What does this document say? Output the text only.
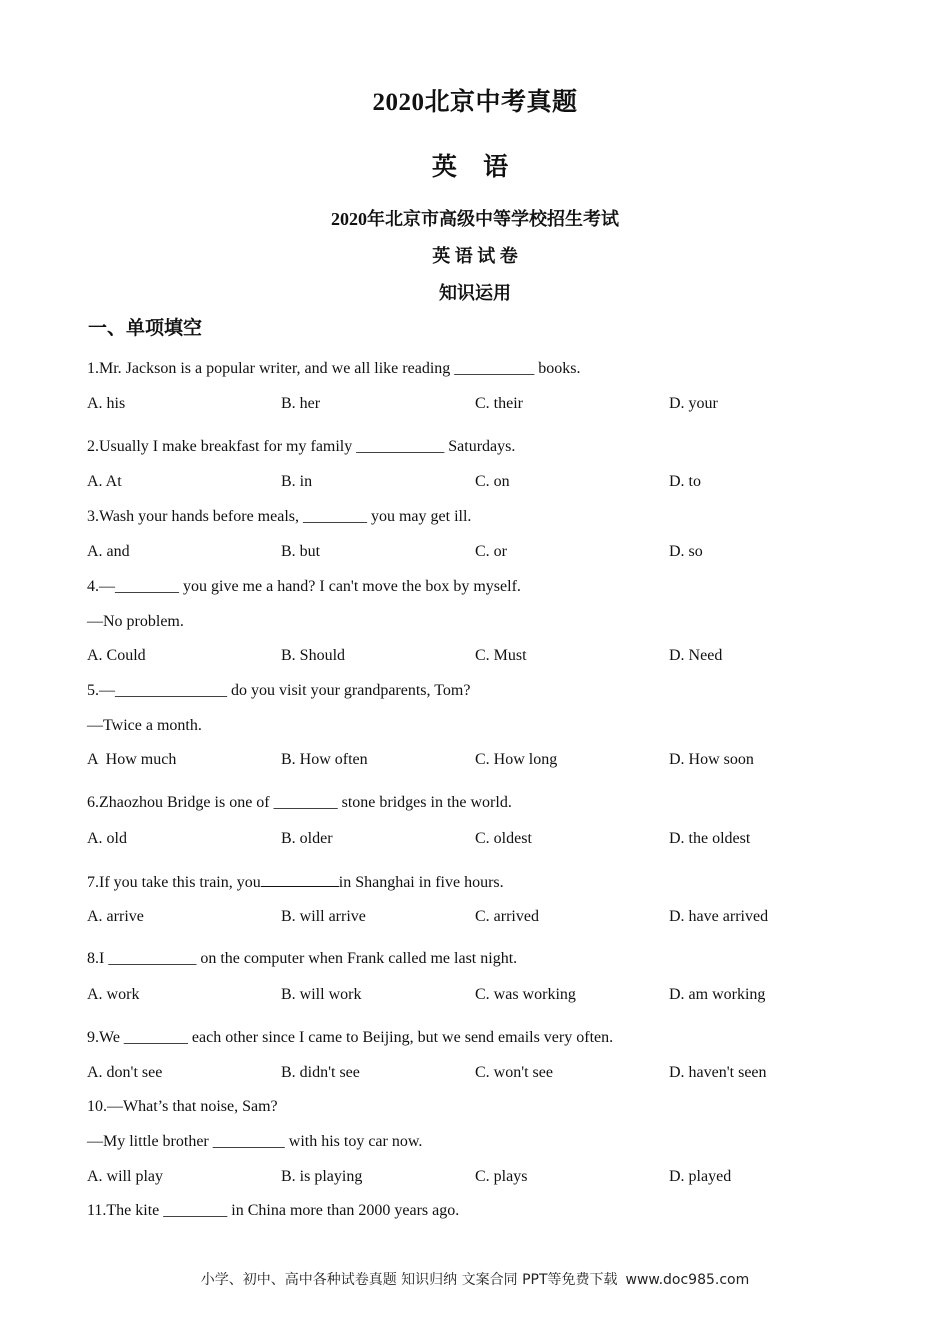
2020北京中考真题
英 语
2020年北京市高级中等学校招生考试
英 语 试 卷
知识运用
一、单项填空
1.Mr. Jackson is a popular writer, and we all like reading __________ books.
A. his	B. her	C. their	D. your
2.Usually I make breakfast for my family ___________ Saturdays.
A. At	B. in	C. on	D. to
3.Wash your hands before meals, ________ you may get ill.
A. and	B. but	C. or	D. so
4.—________ you give me a hand? I can't move the box by myself.
—No problem.
A. Could	B. Should	C. Must	D. Need
5.—______________ do you visit your grandparents, Tom?
—Twice a month.
A  How much	B. How often	C. How long	D. How soon
6.Zhaozhou Bridge is one of ________ stone bridges in the world.
A. old	B. older	C. oldest	D. the oldest
7.If you take this train, you	in Shanghai in five hours.
A. arrive	B. will arrive	C. arrived	D. have arrived
8.I ___________ on the computer when Frank called me last night.
A. work	B. will work	C. was working	D. am working
9.We ________ each other since I came to Beijing, but we send emails very often.
A. don't see	B. didn't see	C. won't see	D. haven't seen
10.—What’s that noise, Sam?
—My little brother _________ with his toy car now.
A. will play	B. is playing	C. plays	D. played
11.The kite ________ in China more than 2000 years ago.
小学、初中、高中各种试卷真题 知识归纳 文案合同 PPT等免费下载 www.doc985.com
